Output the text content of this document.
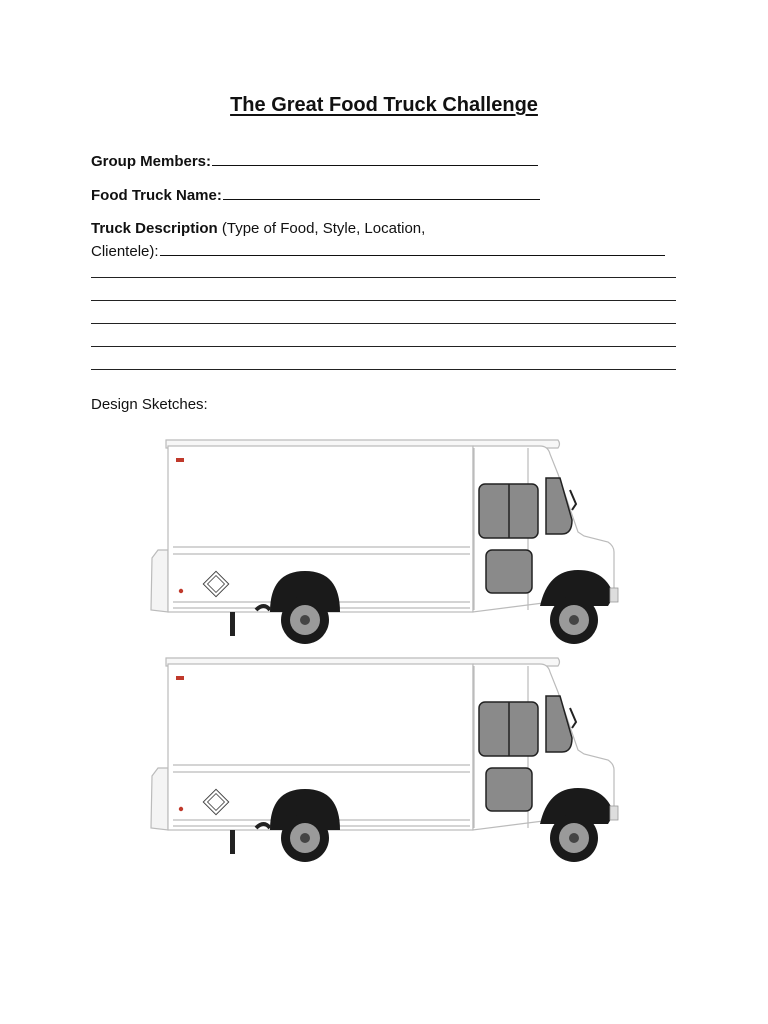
The Great Food Truck Challenge
Group Members:
Food Truck Name:
Truck Description (Type of Food, Style, Location,
Clientele):
Design Sketches:
